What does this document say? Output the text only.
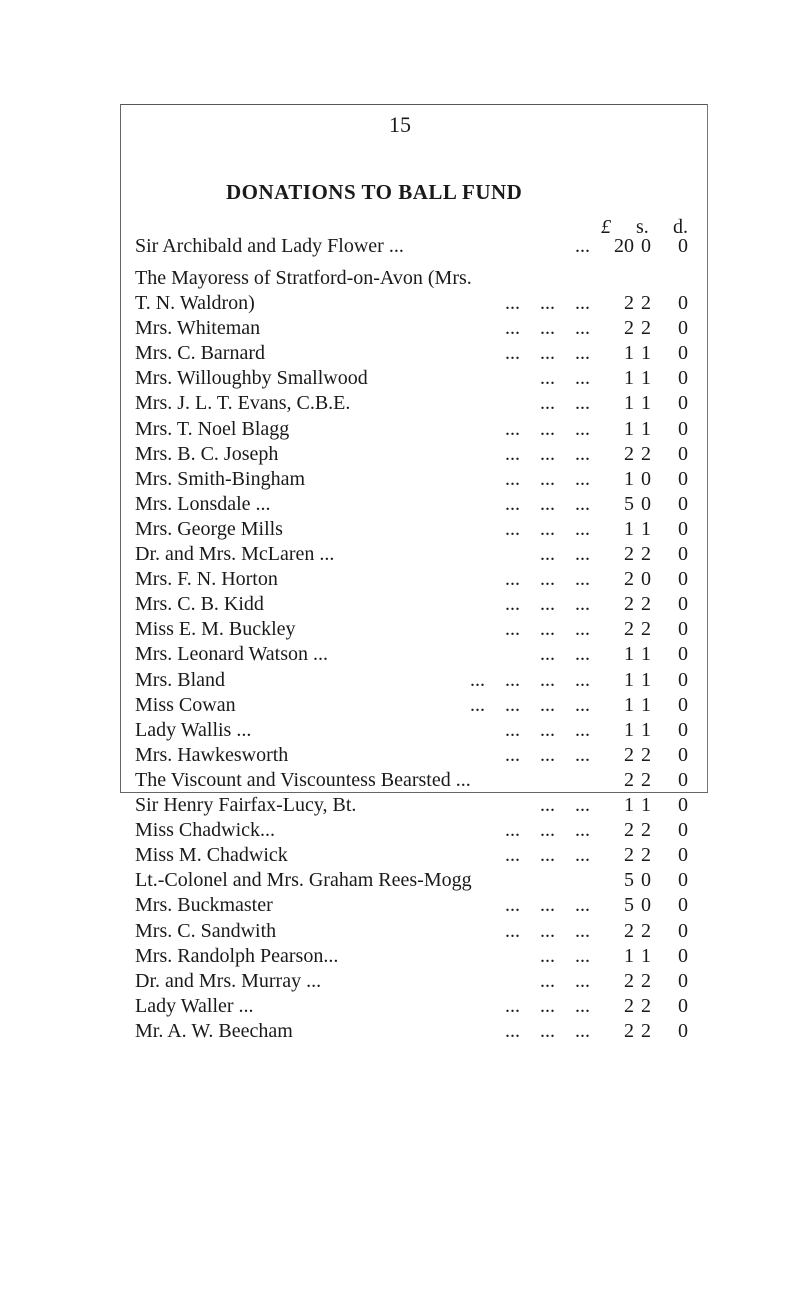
15
DONATIONS TO BALL FUND
£ s. d.
Sir Archibald and Lady Flower ...	...	20 0 0
The Mayoress of Stratford-on-Avon (Mrs.
T. N. Waldron)	...    ...    ...	2 2 0
Mrs. Whiteman	...    ...    ...	2 2 0
Mrs. C. Barnard	...    ...    ...	1 1 0
Mrs. Willoughby Smallwood	...    ...	1 1 0
Mrs. J. L. T. Evans, C.B.E.	...    ...	1 1 0
Mrs. T. Noel Blagg	...    ...    ...	1 1 0
Mrs. B. C. Joseph	...    ...    ...	2 2 0
Mrs. Smith-Bingham	...    ...    ...	1 0 0
Mrs. Lonsdale ...	...    ...    ...	5 0 0
Mrs. George Mills	...    ...    ...	1 1 0
Dr. and Mrs. McLaren ...	...    ...	2 2 0
Mrs. F. N. Horton	...    ...    ...	2 0 0
Mrs. C. B. Kidd	...    ...    ...	2 2 0
Miss E. M. Buckley	...    ...    ...	2 2 0
Mrs. Leonard Watson ...	...    ...	1 1 0
Mrs. Bland	...    ...    ...    ...	1 1 0
Miss Cowan	...    ...    ...    ...	1 1 0
Lady Wallis ...	...    ...    ...	1 1 0
Mrs. Hawkesworth	...    ...    ...	2 2 0
The Viscount and Viscountess Bearsted ...	2 2 0
Sir Henry Fairfax-Lucy, Bt.	...    ...	1 1 0
Miss Chadwick...	...    ...    ...	2 2 0
Miss M. Chadwick	...    ...    ...	2 2 0
Lt.-Colonel and Mrs. Graham Rees-Mogg	5 0 0
Mrs. Buckmaster	...    ...    ...	5 0 0
Mrs. C. Sandwith	...    ...    ...	2 2 0
Mrs. Randolph Pearson...	...    ...	1 1 0
Dr. and Mrs. Murray ...	...    ...	2 2 0
Lady Waller ...	...    ...    ...	2 2 0
Mr. A. W. Beecham	...    ...    ...	2 2 0
